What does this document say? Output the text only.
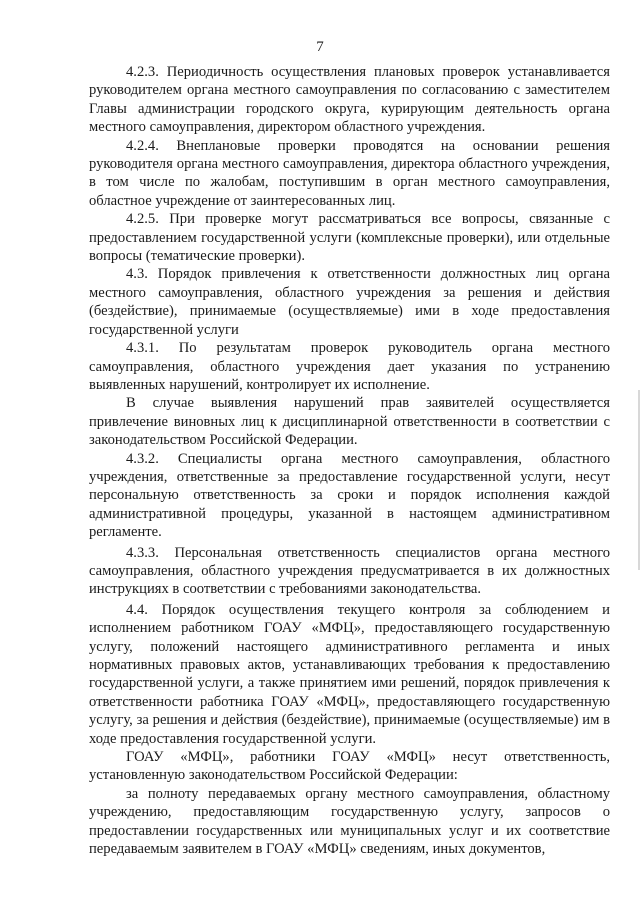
7

4.2.3. Периодичность осуществления плановых проверок устанавливается руководителем органа местного самоуправления по согласованию с заместителем Главы администрации городского округа, курирующим деятельность органа местного самоуправления, директором областного учреждения.

4.2.4. Внеплановые проверки проводятся на основании решения руководителя органа местного самоуправления, директора областного учреждения, в том числе по жалобам, поступившим в орган местного самоуправления, областное учреждение от заинтересованных лиц.

4.2.5. При проверке могут рассматриваться все вопросы, связанные с предоставлением государственной услуги (комплексные проверки), или отдельные вопросы (тематические проверки).

4.3. Порядок привлечения к ответственности должностных лиц органа местного самоуправления, областного учреждения за решения и действия (бездействие), принимаемые (осуществляемые) ими в ходе предоставления государственной услуги

4.3.1. По результатам проверок руководитель органа местного самоуправления, областного учреждения дает указания по устранению выявленных нарушений, контролирует их исполнение.

В случае выявления нарушений прав заявителей осуществляется привлечение виновных лиц к дисциплинарной ответственности в соответствии с законодательством Российской Федерации.

4.3.2. Специалисты органа местного самоуправления, областного учреждения, ответственные за предоставление государственной услуги, несут персональную ответственность за сроки и порядок исполнения каждой административной процедуры, указанной в настоящем административном регламенте.

4.3.3. Персональная ответственность специалистов органа местного самоуправления, областного учреждения предусматривается в их должностных инструкциях в соответствии с требованиями законодательства.

4.4. Порядок осуществления текущего контроля за соблюдением и исполнением работником ГОАУ «МФЦ», предоставляющего государственную услугу, положений настоящего административного регламента и иных нормативных правовых актов, устанавливающих требования к предоставлению государственной услуги, а также принятием ими решений, порядок привлечения к ответственности работника ГОАУ «МФЦ», предоставляющего государственную услугу, за решения и действия (бездействие), принимаемые (осуществляемые) им в ходе предоставления государственной услуги.

ГОАУ «МФЦ», работники ГОАУ «МФЦ» несут ответственность, установленную законодательством Российской Федерации:

за полноту передаваемых органу местного самоуправления, областному учреждению, предоставляющим государственную услугу, запросов о предоставлении государственных или муниципальных услуг и их соответствие передаваемым заявителем в ГОАУ «МФЦ» сведениям, иных документов,
